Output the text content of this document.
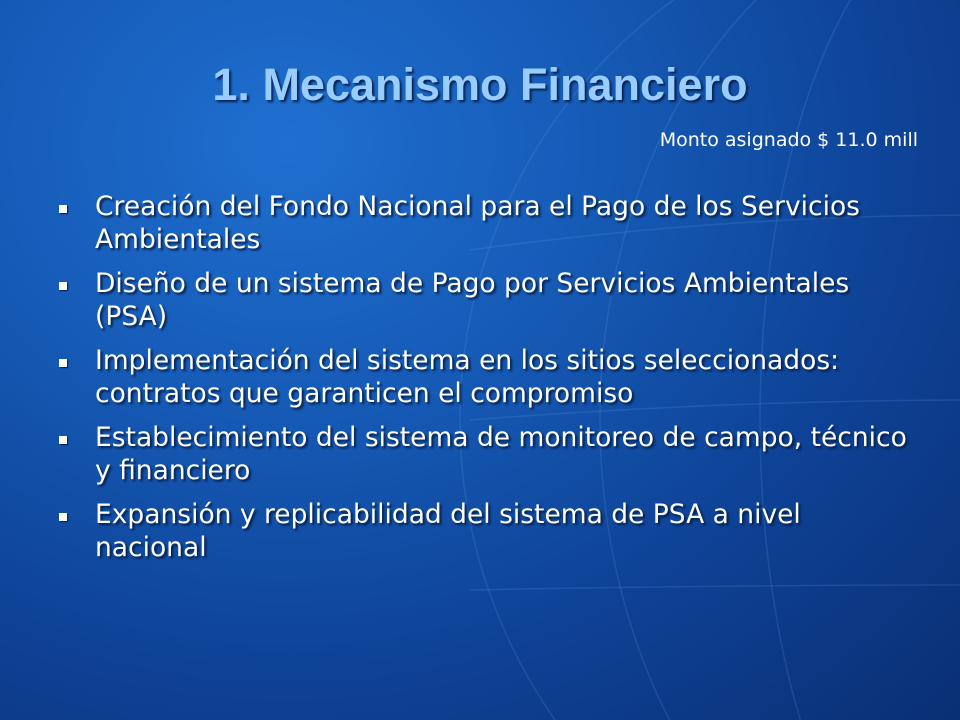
1. Mecanismo Financiero
Monto asignado $ 11.0 mill
Creación del Fondo Nacional para el Pago de los Servicios Ambientales
Diseño de un sistema de Pago por Servicios Ambientales (PSA)
Implementación del sistema en los sitios seleccionados: contratos que garanticen el compromiso
Establecimiento del sistema de monitoreo de campo, técnico y financiero
Expansión y replicabilidad del sistema de PSA a nivel nacional
